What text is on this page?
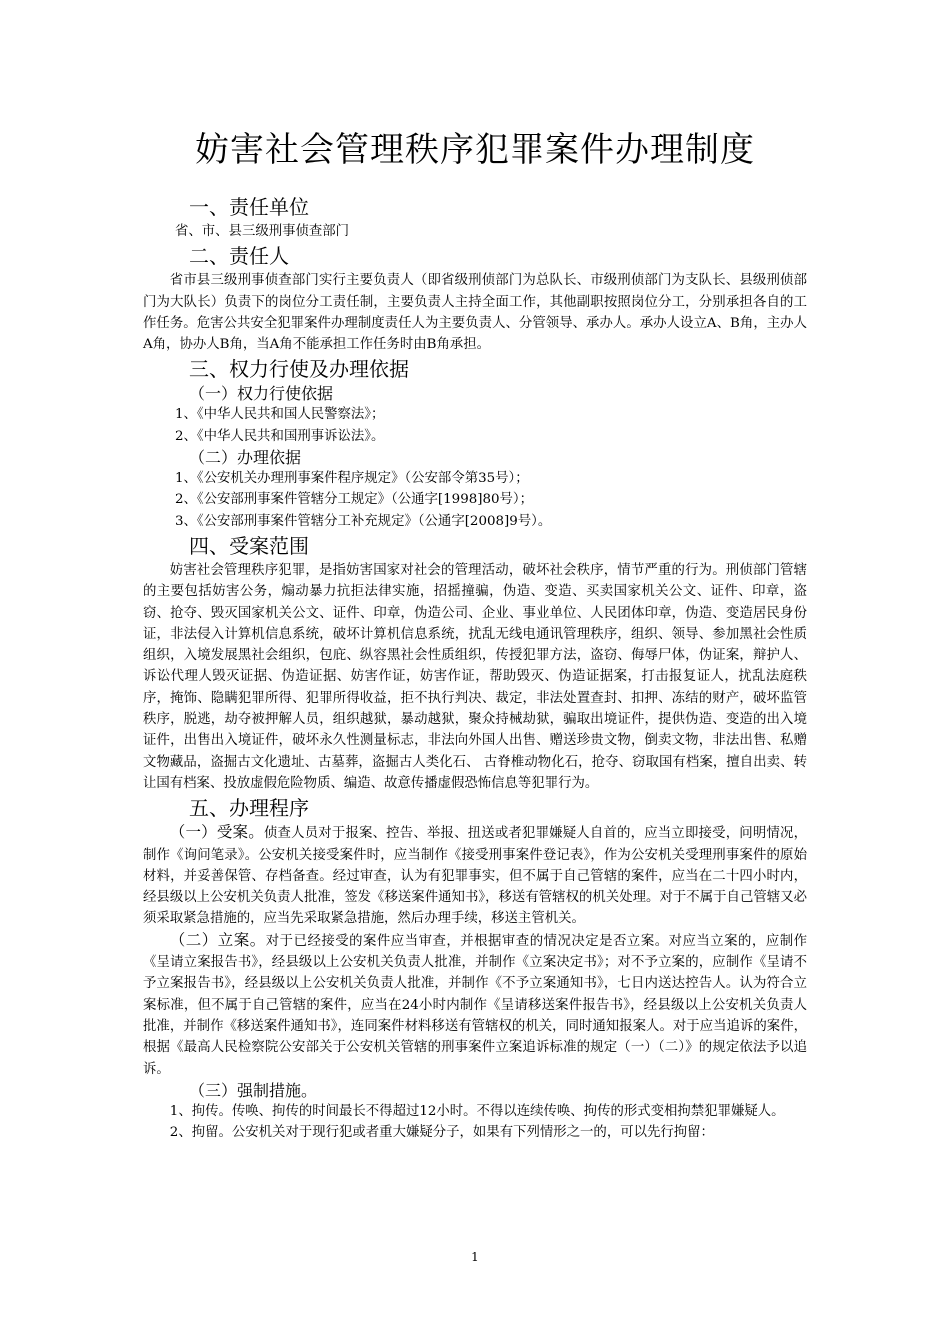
妨害社会管理秩序犯罪案件办理制度
一、责任单位
省、市、县三级刑事侦查部门
二、责任人
省市县三级刑事侦查部门实行主要负责人（即省级刑侦部门为总队长、市级刑侦部门为支队长、县级刑侦部门为大队长）负责下的岗位分工责任制，主要负责人主持全面工作，其他副职按照岗位分工，分别承担各自的工作任务。危害公共安全犯罪案件办理制度责任人为主要负责人、分管领导、承办人。承办人设立A、B角，主办人A角，协办人B角，当A角不能承担工作任务时由B角承担。
三、权力行使及办理依据
（一）权力行使依据
1、《中华人民共和国人民警察法》；
2、《中华人民共和国刑事诉讼法》。
（二）办理依据
1、《公安机关办理刑事案件程序规定》（公安部令第35号）；
2、《公安部刑事案件管辖分工规定》（公通字[1998]80号）；
3、《公安部刑事案件管辖分工补充规定》（公通字[2008]9号）。
四、受案范围
妨害社会管理秩序犯罪，是指妨害国家对社会的管理活动，破坏社会秩序，情节严重的行为。刑侦部门管辖的主要包括妨害公务，煽动暴力抗拒法律实施，招摇撞骗，伪造、变造、买卖国家机关公文、证件、印章，盗窃、抢夺、毁灭国家机关公文、证件、印章，伪造公司、企业、事业单位、人民团体印章，伪造、变造居民身份证，非法侵入计算机信息系统，破坏计算机信息系统，扰乱无线电通讯管理秩序，组织、领导、参加黑社会性质组织，入境发展黑社会组织，包庇、纵容黑社会性质组织，传授犯罪方法，盗窃、侮辱尸体，伪证案，辩护人、诉讼代理人毁灭证据、伪造证据、妨害作证，妨害作证，帮助毁灭、伪造证据案，打击报复证人，扰乱法庭秩序，掩饰、隐瞒犯罪所得、犯罪所得收益，拒不执行判决、裁定，非法处置查封、扣押、冻结的财产，破坏监管秩序，脱逃，劫夺被押解人员，组织越狱，暴动越狱，聚众持械劫狱，骗取出境证件，提供伪造、变造的出入境证件，出售出入境证件，破坏永久性测量标志，非法向外国人出售、赠送珍贵文物，倒卖文物，非法出售、私赠文物藏品，盗掘古文化遗址、古墓葬，盗掘古人类化石、 古脊椎动物化石，抢夺、窃取国有档案，擅自出卖、转让国有档案、投放虚假危险物质、编造、故意传播虚假恐怖信息等犯罪行为。
五、办理程序
（一）受案。侦查人员对于报案、控告、举报、扭送或者犯罪嫌疑人自首的，应当立即接受，问明情况，制作《询问笔录》。公安机关接受案件时，应当制作《接受刑事案件登记表》，作为公安机关受理刑事案件的原始材料，并妥善保管、存档备查。经过审查，认为有犯罪事实，但不属于自己管辖的案件，应当在二十四小时内，经县级以上公安机关负责人批准，签发《移送案件通知书》，移送有管辖权的机关处理。对于不属于自己管辖又必须采取紧急措施的，应当先采取紧急措施，然后办理手续，移送主管机关。
（二）立案。对于已经接受的案件应当审查，并根据审查的情况决定是否立案。对应当立案的，应制作《呈请立案报告书》，经县级以上公安机关负责人批准，并制作《立案决定书》；对不予立案的，应制作《呈请不予立案报告书》，经县级以上公安机关负责人批准，并制作《不予立案通知书》，七日内送达控告人。认为符合立案标准，但不属于自己管辖的案件，应当在24小时内制作《呈请移送案件报告书》，经县级以上公安机关负责人批准，并制作《移送案件通知书》，连同案件材料移送有管辖权的机关，同时通知报案人。对于应当追诉的案件，根据《最高人民检察院公安部关于公安机关管辖的刑事案件立案追诉标准的规定（一）（二）》的规定依法予以追诉。
（三）强制措施。
1、拘传。传唤、拘传的时间最长不得超过12小时。不得以连续传唤、拘传的形式变相拘禁犯罪嫌疑人。
2、拘留。公安机关对于现行犯或者重大嫌疑分子，如果有下列情形之一的，可以先行拘留：
1
